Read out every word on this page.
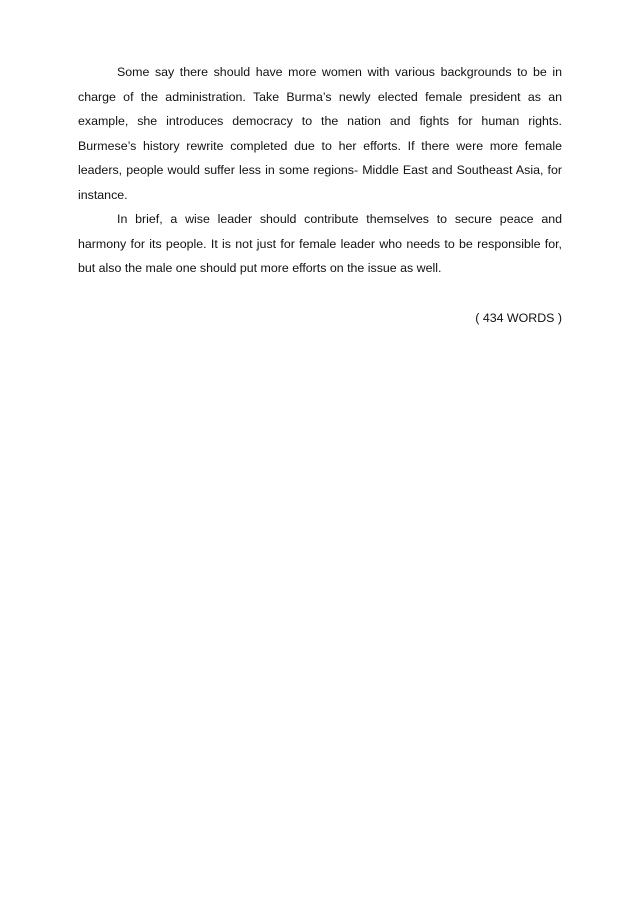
Some say there should have more women with various backgrounds to be in charge of the administration. Take Burma’s newly elected female president as an example, she introduces democracy to the nation and fights for human rights. Burmese’s history rewrite completed due to her efforts. If there were more female leaders, people would suffer less in some regions- Middle East and Southeast Asia, for instance.

In brief, a wise leader should contribute themselves to secure peace and harmony for its people. It is not just for female leader who needs to be responsible for, but also the male one should put more efforts on the issue as well.

( 434 WORDS )
